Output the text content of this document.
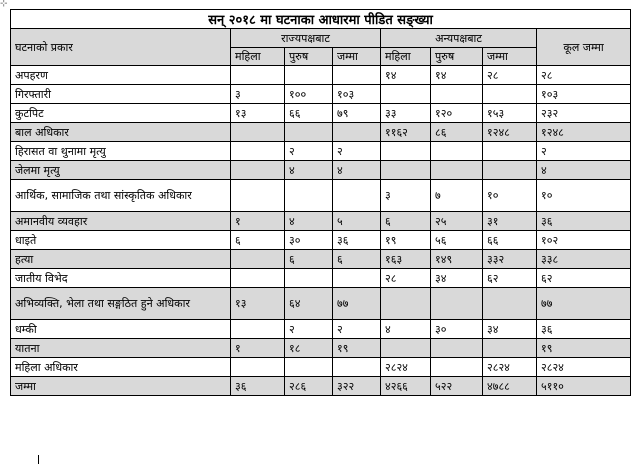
⊹
सन् २०१८ मा घटनाका आधारमा पीडित सङ्ख्या							
घटनाको प्रकार	राज्यपक्षबाट			अन्यपक्षबाट			कूल जम्मा
	महिला	पुरुष	जम्मा	महिला	पुरुष	जम्मा	
अपहरण				१४	१४	२८	२८
गिरफ्तारी	३	१००	१०३				१०३
कुटपिट	१३	६६	७९	३३	१२०	१५३	२३२
बाल अधिकार				११६२	८६	१२४८	१२४८
हिरासत वा थुनामा मृत्यु		२	२				२
जेलमा मृत्यु		४	४				४
आर्थिक, सामाजिक तथा सांस्कृतिक अधिकार				३	७	१०	१०
अमानवीय व्यवहार	१	४	५	६	२५	३१	३६
धाइते	६	३०	३६	१९	५६	६६	१०२
हत्या		६	६	१६३	१४९	३३२	३३८
जातीय विभेद				२८	३४	६२	६२
अभिव्यक्ति, भेला तथा सङ्गठित हुने अधिकार	१३	६४	७७				७७
धम्की		२	२	४	३०	३४	३६
यातना	१	१८	१९				१९
महिला अधिकार				२८२४		२८२४	२८२४
जम्मा	३६	२८६	३२२	४२६६	५२२	४७८८	५११०
